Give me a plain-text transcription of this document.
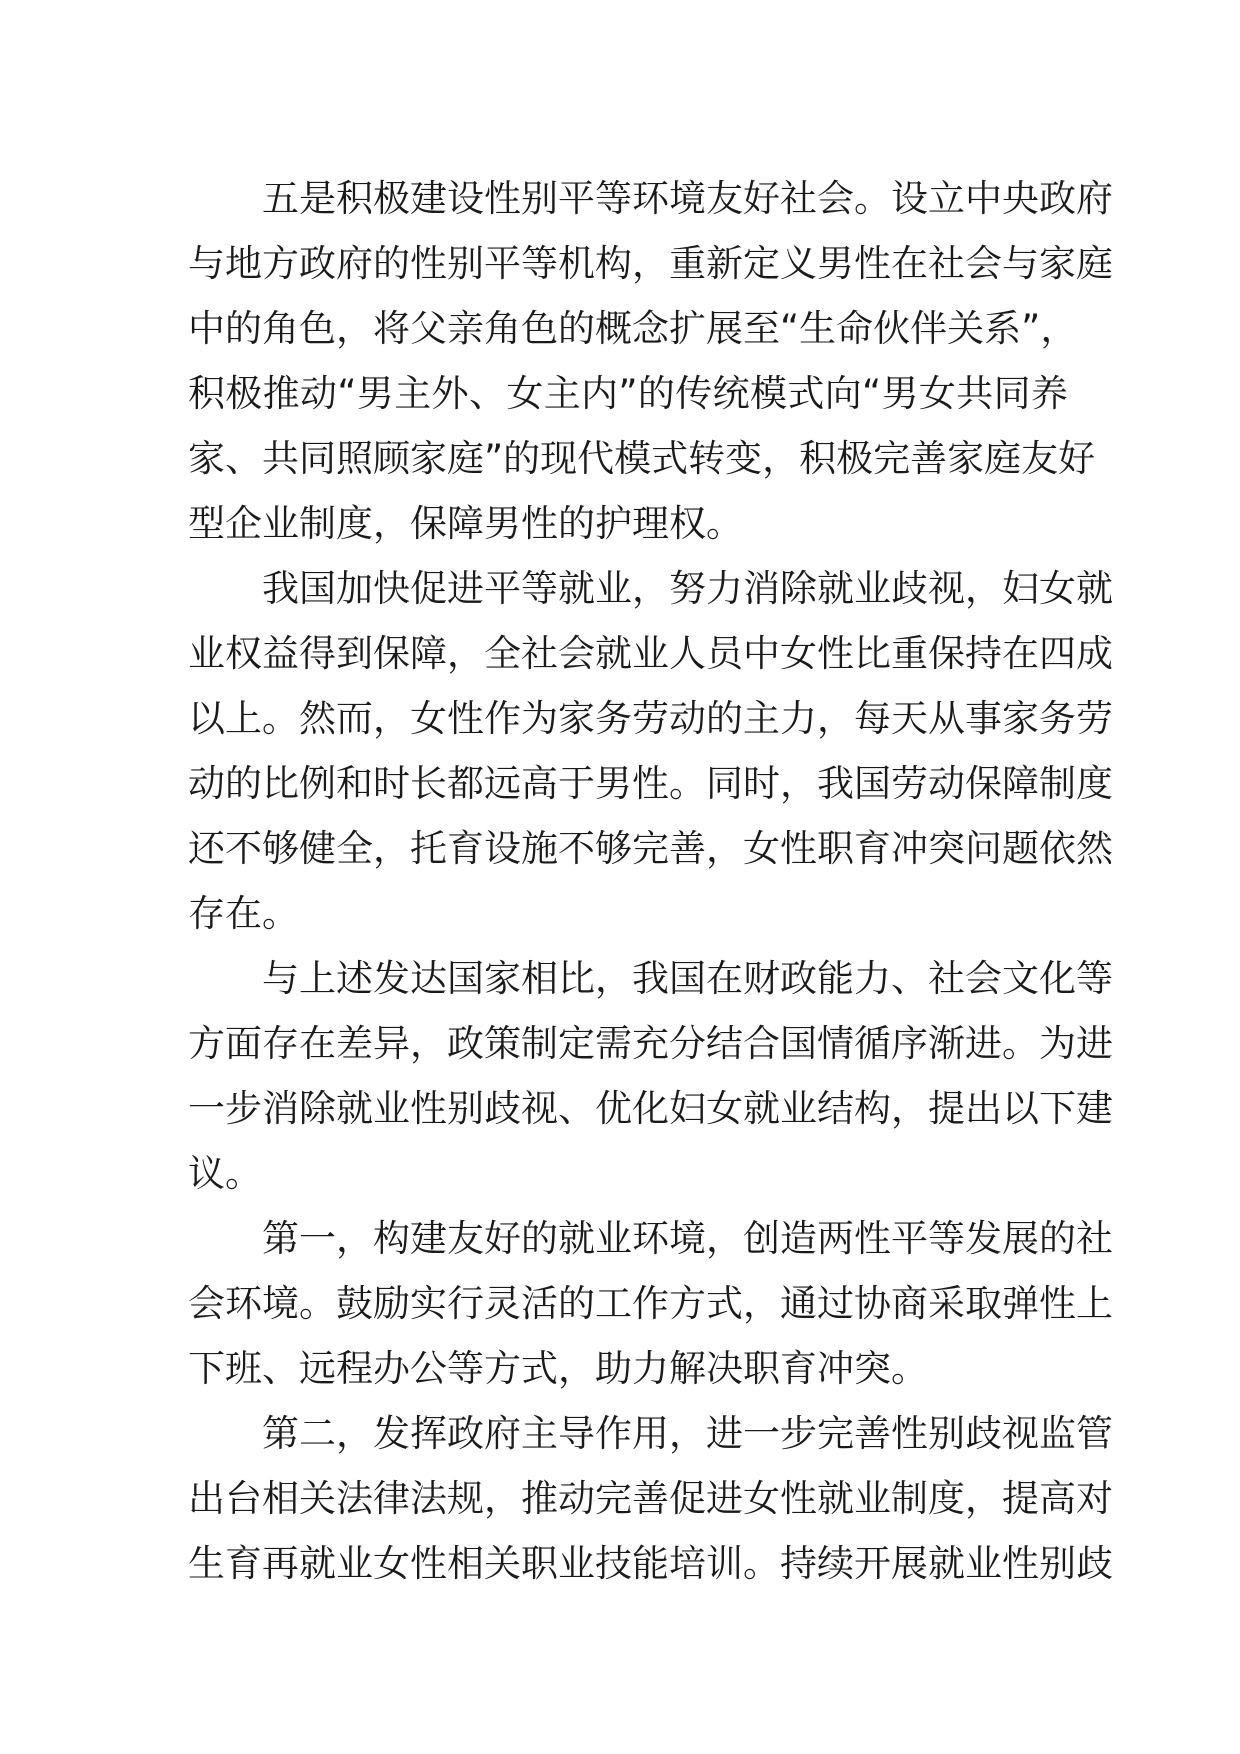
五是积极建设性别平等环境友好社会。设立中央政府
与地方政府的性别平等机构，重新定义男性在社会与家庭
中的角色，将父亲角色的概念扩展至“生命伙伴关系”，
积极推动“男主外、女主内”的传统模式向“男女共同养
家、共同照顾家庭”的现代模式转变，积极完善家庭友好
型企业制度，保障男性的护理权。
我国加快促进平等就业，努力消除就业歧视，妇女就
业权益得到保障，全社会就业人员中女性比重保持在四成
以上。然而，女性作为家务劳动的主力，每天从事家务劳
动的比例和时长都远高于男性。同时，我国劳动保障制度
还不够健全，托育设施不够完善，女性职育冲突问题依然
存在。
与上述发达国家相比，我国在财政能力、社会文化等
方面存在差异，政策制定需充分结合国情循序渐进。为进
一步消除就业性别歧视、优化妇女就业结构，提出以下建
议。
第一，构建友好的就业环境，创造两性平等发展的社
会环境。鼓励实行灵活的工作方式，通过协商采取弹性上
下班、远程办公等方式，助力解决职育冲突。
第二，发挥政府主导作用，进一步完善性别歧视监管
出台相关法律法规，推动完善促进女性就业制度，提高对
生育再就业女性相关职业技能培训。持续开展就业性别歧
